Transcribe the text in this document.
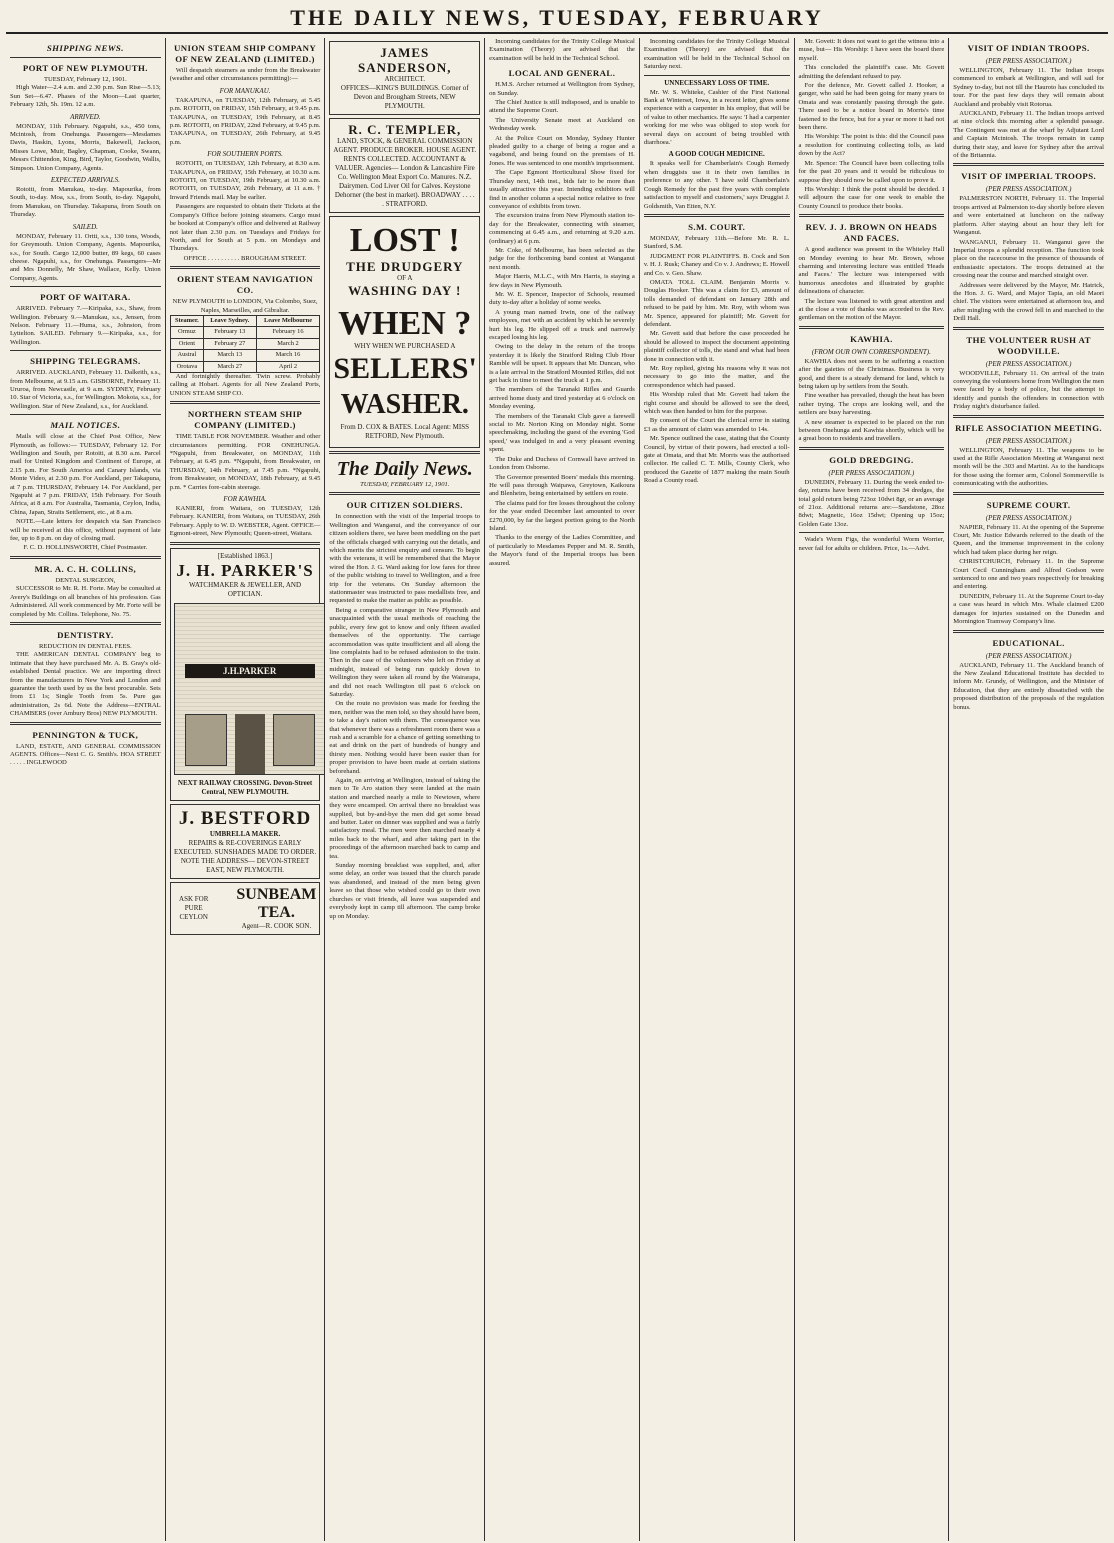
THE DAILY NEWS, TUESDAY, FEBRUARY
SHIPPING NEWS.
PORT OF NEW PLYMOUTH.
TUESDAY, February 12, 1901.

High Water—2.4 a.m. and 2.30 p.m. Sun Rise—5.13; Sun Set—6.47. Phases of the Moon—Last quarter, February 12th, 5h. 19m. 12 a.m.

ARRIVED.

MONDAY, 11th February. Ngapuhi, s.s., 450 tons, Mcintosh, from Onehunga. Passengers—Mesdames Davis, Haskin, Lyons, Morris, Bakewell, Jackson, Misses Lowe, Muir, Bagley, Chapman, Cooke, Swann, Messrs Chittendon, King, Bird, Taylor, Goodwin, Wallis, Simpson. Union Company, Agents.

EXPECTED ARRIVALS.

Rotoiti, from Manukau, to-day. Mapourika, from South, to-day. Moa, s.s., from South, to-day. Ngapuhi, from Manukau, on Thursday. Takapuna, from South on Thursday.

SAILED.

MONDAY, February 11. Ortti, s.s., 130 tons, Woods, for Greymouth. Union Company, Agents. Mapourika, s.s., for South. Cargo 12,000 butter, 89 kegs, 60 cases cheese. Ngapuhi, s.s., for Onehunga. Passengers—Mr and Mrs Donnelly, Mr Shaw, Wallace, Kelly. Union Company, Agents.

PORT OF WAITARA.

ARRIVED. February 7.—Kiripaka, s.s., Shaw, from Wellington. February 9.—Manukau, s.s., Jensen, from Nelson. February 11.—Huma, s.s., Johnston, from Lyttelton. SAILED. February 9.—Kiripaka, s.s., for Wellington.

SHIPPING TELEGRAMS.

ARRIVED. AUCKLAND, February 11. Dalkeith, s.s., from Melbourne, at 9.15 a.m. GISBORNE, February 11. Ururoa, from Newcastle, at 9 a.m. SYDNEY, February 10. Star of Victoria, s.s., for Wellington. Mokoia, s.s., for Wellington. Star of New Zealand, s.s., for Auckland.

MAIL NOTICES.

Mails will close at the Chief Post Office, New Plymouth, as follows:— TUESDAY, February 12. For Wellington and South, per Rotoiti, at 8.30 a.m. Parcel mail for United Kingdom and Continent of Europe, at 2.15 p.m. For South America and Canary Islands, via Monte Video, at 2.30 p.m. For Auckland, per Takapuna, at 7 p.m. THURSDAY, February 14. For Auckland, per Ngapuhi at 7 p.m. FRIDAY, 15th February. For South Africa, at 8 a.m. For Australia, Tasmania, Ceylon, India, China, Japan, Straits Settlement, etc., at 8 a.m.

NOTE.—Late letters for despatch via San Francisco will be received at this office, without payment of late fee, up to 8 p.m. on day of closing mail.

F. C. D. HOLLINSWORTH, Chief Postmaster.
MR. A. C. H. COLLINS,
DENTAL SURGEON,

SUCCESSOR to Mr. R. H. Forte. May be consulted at Avery's Buildings on all branches of his profession. Gas Administered. All work commenced by Mr. Forte will be completed by Mr. Collins. Telephone, No. 75.

DENTISTRY.
REDUCTION IN DENTAL FEES.

THE AMERICAN DENTAL COMPANY beg to intimate that they have purchased Mr. A. B. Gray's old-established Dental practice. We are importing direct from the manufacturers in New York and London and guarantee the teeth used by us the best procurable. Sets from £1 1s; Single Tooth from 5s. Pure gas administration, 2s 6d. Note the Address—ENTRAL CHAMBERS (over Ambury Bros) NEW PLYMOUTH.

PENNINGTON & TUCK,

LAND, ESTATE, AND GENERAL COMMISSION AGENTS. Offices—Next C. G. Smith's. HOA STREET . . . . . INGLEWOOD

UNION STEAM SHIP COMPANY OF NEW ZEALAND (LIMITED.)

Will despatch steamers as under from the Breakwater (weather and other circumstances permitting):—

FOR MANUKAU.

TAKAPUNA, on TUESDAY, 12th February, at 5.45 p.m. ROTOITI, on FRIDAY, 15th February, at 9.45 p.m. TAKAPUNA, on TUESDAY, 19th February, at 8.45 p.m. ROTOITI, on FRIDAY, 22nd February, at 9.45 p.m. TAKAPUNA, on TUESDAY, 26th February, at 9.45 p.m.

FOR SOUTHERN PORTS.

ROTOITI, on TUESDAY, 12th February, at 8.30 a.m. TAKAPUNA, on FRIDAY, 15th February, at 10.30 a.m. ROTOITI, on TUESDAY, 19th February, at 10.30 a.m. ROTOITI, on TUESDAY, 26th February, at 11 a.m. † Inward Friends mail. May be earlier.

Passengers are requested to obtain their Tickets at the Company's Office before joining steamers. Cargo must be booked at Company's office and delivered at Railway not later than 2.30 p.m. on Tuesdays and Fridays for North, and for South at 5 p.m. on Mondays and Thursdays.

OFFICE . . . . . . . . . . BROUGHAM STREET.
ORIENT STEAM NAVIGATION CO.
NEW PLYMOUTH to LONDON, Via Colombo, Suez, Naples, Marseilles, and Gibraltar.
Steamer.	Leave Sydney.	Leave Melbourne
Ormuz	February 13	February 16
Orient	February 27	March 2
Austral	March 13	March 16
Orotava	March 27	April 2

And fortnightly thereafter. Twin screw. Probably calling at Hobart. Agents for all New Zealand Ports, UNION STEAM SHIP CO.

NORTHERN STEAM SHIP COMPANY (LIMITED.)

TIME TABLE FOR NOVEMBER. Weather and other circumstances permitting. FOR ONEHUNGA. *Ngapuhi, from Breakwater, on MONDAY, 11th February, at 6.45 p.m. *Ngapuhi, from Breakwater, on THURSDAY, 14th February, at 7.45 p.m. *Ngapuhi, from Breakwater, on MONDAY, 18th February, at 9.45 p.m. * Carries fore-cabin steerage.

FOR KAWHIA.

KANIERI, from Waitara, on TUESDAY, 12th February. KANIERI, from Waitara, on TUESDAY, 26th February. Apply to W. D. WEBSTER, Agent. OFFICE—Egmont-street, New Plymouth; Queen-street, Waitara.

[Established 1863.]
J. H. PARKER'S
WATCHMAKER & JEWELLER, AND OPTICIAN.
J.H.PARKER
NEXT RAILWAY CROSSING. Devon-Street Central, NEW PLYMOUTH.
J. BESTFORD
UMBRELLA MAKER.
REPAIRS & RE-COVERINGS EARLY EXECUTED. SUNSHADES MADE TO ORDER. NOTE THE ADDRESS— DEVON-STREET EAST, NEW PLYMOUTH.
ASK FOR
PURE CEYLON
SUNBEAM
TEA.
Agent—R. COOK SON.
JAMES SANDERSON,
ARCHITECT.
OFFICES—KING'S BUILDINGS. Corner of Devon and Brougham Streets, NEW PLYMOUTH.
R. C. TEMPLER,
LAND, STOCK, & GENERAL COMMISSION AGENT. PRODUCE BROKER. HOUSE AGENT. RENTS COLLECTED. ACCOUNTANT & VALUER. Agencies— London & Lancashire Fire Co. Wellington Meat Export Co. Manures. N.Z. Dairymen. Cod Liver Oil for Calves. Keystone Dehorner (the best in market). BROADWAY . . . . . STRATFORD.
LOST !
THE DRUDGERY
OF A
WASHING DAY !
WHEN ?
WHY WHEN WE PURCHASED A
SELLERS'
WASHER.
From D. COX & BATES. Local Agent: MISS RETFORD, New Plymouth.
The Daily News.
TUESDAY, FEBRUARY 12, 1901.
OUR CITIZEN SOLDIERS.

In connection with the visit of the Imperial troops to Wellington and Wanganui, and the conveyance of our citizen soldiers there, we have been meddling on the part of the officials charged with carrying out the details, and which merits the strictest enquiry and censure. To begin with the veterans, it will be remembered that the Mayor wired the Hon. J. G. Ward asking for low fares for three of the public wishing to travel to Wellington, and a free trip for the veterans. On Sunday afternoon the stationmaster was instructed to pass medallists free, and requested to make the matter as public as possible.

Being a comparative stranger in New Plymouth and unacquainted with the usual methods of reaching the public, every few got to know and only fifteen availed themselves of the opportunity. The carriage accommodation was quite insufficient and all along the line complaints had to be refused admission to the train. Then in the case of the volunteers who left on Friday at midnight, instead of being run quickly down to Wellington they were taken all round by the Wairarapa, and did not reach Wellington till past 6 o'clock on Saturday.

On the route no provision was made for feeding the men, neither was the men told, so they should have been, to take a day's ration with them. The consequence was that whenever there was a refreshment room there was a rush and a scramble for a chance of getting something to eat and drink on the part of hundreds of hungry and thirsty men. Nothing would have been easier than for proper provision to have been made at certain stations beforehand.

Again, on arriving at Wellington, instead of taking the men to Te Aro station they were landed at the main station and marched nearly a mile to Newtown, where they were encamped. On arrival there no breakfast was supplied, but by-and-bye the men did get some bread and butter. Later on dinner was supplied and was a fairly satisfactory meal. The men were then marched nearly 4 miles back to the wharf, and after taking part in the proceedings of the afternoon marched back to camp and tea.

Sunday morning breakfast was supplied, and, after some delay, an order was issued that the church parade was abandoned, and instead of the men being given leave so that those who wished could go to their own churches or visit friends, all leave was suspended and everybody kept in camp till afternoon. The camp broke up on Monday.

Incoming candidates for the Trinity College Musical Examination (Theory) are advised that the examination will be held in the Technical School.

LOCAL AND GENERAL.

H.M.S. Archer returned at Wellington from Sydney, on Sunday.

The Chief Justice is still indisposed, and is unable to attend the Supreme Court.

The University Senate meet at Auckland on Wednesday week.

At the Police Court on Monday, Sydney Hunter pleaded guilty to a charge of being a rogue and a vagabond, and being found on the premises of H. Jones. He was sentenced to one month's imprisonment.

The Cape Egmont Horticultural Show fixed for Thursday next, 14th inst., bids fair to be more than usually attractive this year. Intending exhibitors will find in another column a special notice relative to free conveyance of exhibits from town.

The excursion trains from New Plymouth station to-day for the Breakwater, connecting with steamer, commencing at 6.45 a.m., and returning at 9.20 a.m. (ordinary) at 6 p.m.

Mr. Coke, of Melbourne, has been selected as the judge for the forthcoming band contest at Wanganui next month.

Major Harris, M.L.C., with Mrs Harris, is staying a few days in New Plymouth.

Mr. W. E. Spencer, Inspector of Schools, resumed duty to-day after a holiday of some weeks.

A young man named Irwin, one of the railway employees, met with an accident by which he severely hurt his leg. He slipped off a truck and narrowly escaped losing his leg.

Owing to the delay in the return of the troops yesterday it is likely the Stratford Riding Club Hour Ramble will be upset. It appears that Mr. Duncan, who is a late arrival in the Stratford Mounted Rifles, did not get back in time to meet the truck at 1 p.m.

The members of the Taranaki Rifles and Guards arrived home dusty and tired yesterday at 6 o'clock on Monday evening.

The members of the Taranaki Club gave a farewell social to Mr. Norton King on Monday night. Some speechmaking, including the guest of the evening 'God speed,' was indulged in and a very pleasant evening spent.

The Duke and Duchess of Cornwall have arrived in London from Osborne.

The Governor presented Boers' medals this morning. He will pass through Waipawa, Greytown, Kaikoura and Blenheim, being entertained by settlers en route.

The claims paid for fire losses throughout the colony for the year ended December last amounted to over £270,000, by far the largest portion going to the North Island.

Thanks to the energy of the Ladies Committee, and of particularly to Mesdames Pepper and M. R. Smith, the Mayor's fund of the Imperial troops has been assured.

Incoming candidates for the Trinity College Musical Examination (Theory) are advised that the examination will be held in the Technical School on Saturday next.

UNNECESSARY LOSS OF TIME.

Mr. W. S. Whiteke, Cashier of the First National Bank at Winterset, Iowa, in a recent letter, gives some experience with a carpenter in his employ, that will be of value to other mechanics. He says: 'I had a carpenter working for me who was obliged to stop work for several days on account of being troubled with diarrhoea.'

A GOOD COUGH MEDICINE.

It speaks well for Chamberlain's Cough Remedy when druggists use it in their own families in preference to any other. 'I have sold Chamberlain's Cough Remedy for the past five years with complete satisfaction to myself and customers,' says Druggist J. Goldsmith, Van Etten, N.Y.

S.M. COURT.

MONDAY, February 11th.—Before Mr. R. L. Stanford, S.M.

JUDGMENT FOR PLAINTIFFS. B. Cock and Son v. H. J. Rusk; Chaney and Co v. J. Andrews; E. Howell and Co. v. Geo. Shaw.

OMATA TOLL CLAIM. Benjamin Morris v. Douglas Hooker. This was a claim for £3, amount of tolls demanded of defendant on January 28th and refused to be paid by him. Mr. Roy, with whom was Mr. Spence, appeared for plaintiff; Mr. Govett for defendant.

Mr. Govett said that before the case proceeded he should be allowed to inspect the document appointing plaintiff collector of tolls, the stand and what had been done in connection with it.

Mr. Roy replied, giving his reasons why it was not necessary to go into the matter, and the correspondence which had passed.

His Worship ruled that Mr. Govett had taken the right course and should be allowed to see the deed, which was then handed to him for the purpose.

By consent of the Court the clerical error in stating £3 as the amount of claim was amended to 14s.

Mr. Spence outlined the case, stating that the County Council, by virtue of their powers, had erected a toll-gate at Omata, and that Mr. Morris was the authorised collector. He called C. T. Mills, County Clerk, who produced the Gazette of 1877 making the main South Road a County road.

Mr. Govett: It does not want to get the witness into a muse, but— His Worship: I have seen the board there myself.

This concluded the plaintiff's case. Mr. Govett admitting the defendant refused to pay.

For the defence, Mr. Govett called J. Hooker, a ganger, who said he had been going for many years to Omata and was constantly passing through the gate. There used to be a notice board in Morris's time fastened to the fence, but for a year or more it had not been there.

His Worship: The point is this: did the Council pass a resolution for continuing collecting tolls, as laid down by the Act?

Mr. Spence: The Council have been collecting tolls for the past 20 years and it would be ridiculous to suppose they should now be called upon to prove it.

His Worship: I think the point should be decided. I will adjourn the case for one week to enable the County Council to produce their books.

REV. J. J. BROWN ON HEADS AND FACES.

A good audience was present in the Whiteley Hall on Monday evening to hear Mr. Brown, whose charming and interesting lecture was entitled 'Heads and Faces.' The lecture was interspersed with humorous anecdotes and illustrated by graphic delineations of character.

The lecture was listened to with great attention and at the close a vote of thanks was accorded to the Rev. gentleman on the motion of the Mayor.

KAWHIA.
(FROM OUR OWN CORRESPONDENT).

KAWHIA does not seem to be suffering a reaction after the gaieties of the Christmas. Business is very good, and there is a steady demand for land, which is being taken up by settlers from the South.

Fine weather has prevailed, though the heat has been rather trying. The crops are looking well, and the settlers are busy harvesting.

A new steamer is expected to be placed on the run between Onehunga and Kawhia shortly, which will be a great boon to residents and travellers.

GOLD DREDGING.
(PER PRESS ASSOCIATION.)

DUNEDIN, February 11. During the week ended to-day, returns have been received from 34 dredges, the total gold return being 723oz 10dwt 8gr, or an average of 21oz. Additional returns are:—Sandstone, 28oz 8dwt; Magnetic, 16oz 15dwt; Opening up 15oz; Golden Gate 13oz.

Wade's Worm Figs, the wonderful Worm Worrier, never fail for adults or children. Price, 1s.—Advt.

VISIT OF INDIAN TROOPS.
(PER PRESS ASSOCIATION.)

WELLINGTON, February 11. The Indian troops commenced to embark at Wellington, and will sail for Sydney to-day, but not till the Hauroto has concluded its tour. For the past few days they will remain about Auckland and probably visit Rotorua.

AUCKLAND, February 11. The Indian troops arrived at nine o'clock this morning after a splendid passage. The Contingent was met at the wharf by Adjutant Lord and Captain Mcintosh. The troops remain in camp during their stay, and leave for Sydney after the arrival of the Britannia.

VISIT OF IMPERIAL TROOPS.
(PER PRESS ASSOCIATION.)

PALMERSTON NORTH, February 11. The Imperial troops arrived at Palmerston to-day shortly before eleven and were entertained at luncheon on the railway platform. After staying about an hour they left for Wanganui.

WANGANUI, February 11. Wanganui gave the Imperial troops a splendid reception. The function took place on the racecourse in the presence of thousands of enthusiastic spectators. The troops detrained at the crossing near the course and marched straight over.

Addresses were delivered by the Mayor, Mr. Hatrick, the Hon. J. G. Ward, and Major Tapia, an old Maori chief. The visitors were entertained at afternoon tea, and after mingling with the crowd fell in and marched to the Drill Hall.

THE VOLUNTEER RUSH AT WOODVILLE.
(PER PRESS ASSOCIATION.)

WOODVILLE, February 11. On arrival of the train conveying the volunteers home from Wellington the men were faced by a body of police, but the attempt to identify and punish the offenders in connection with Friday night's disturbance failed.

RIFLE ASSOCIATION MEETING.
(PER PRESS ASSOCIATION.)

WELLINGTON, February 11. The weapons to be used at the Rifle Association Meeting at Wanganui next month will be the .303 and Martini. As to the handicaps for those using the former arm, Colonel Sommerville is communicating with the authorities.

SUPREME COURT.
(PER PRESS ASSOCIATION.)

NAPIER, February 11. At the opening of the Supreme Court, Mr. Justice Edwards referred to the death of the Queen, and the immense improvement in the colony which had taken place during her reign.

CHRISTCHURCH, February 11. In the Supreme Court Cecil Cunningham and Alfred Godson were sentenced to one and two years respectively for breaking and entering.

DUNEDIN, February 11. At the Supreme Court to-day a case was heard in which Mrs. Whale claimed £200 damages for injuries sustained on the Dunedin and Mornington Tramway Company's line.

EDUCATIONAL.
(PER PRESS ASSOCIATION.)

AUCKLAND, February 11. The Auckland branch of the New Zealand Educational Institute has decided to inform Mr. Grundy, of Wellington, and the Minister of Education, that they are entirely dissatisfied with the proposed distribution of the proposals of the regulation bonus.
